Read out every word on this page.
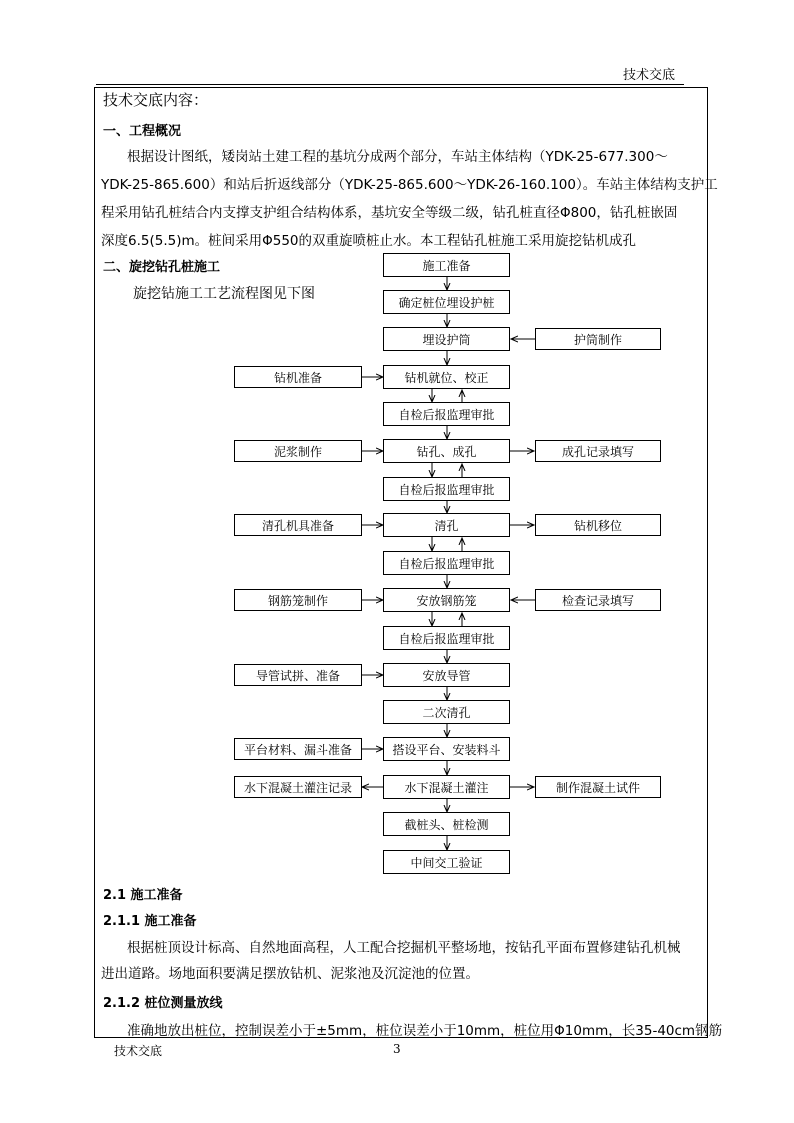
技术交底
技术交底内容：
一、工程概况
根据设计图纸，矮岗站土建工程的基坑分成两个部分，车站主体结构（YDK-25-677.300～
YDK-25-865.600）和站后折返线部分（YDK-25-865.600～YDK-26-160.100）。车站主体结构支护工
程采用钻孔桩结合内支撑支护组合结构体系，基坑安全等级二级，钻孔桩直径Φ800，钻孔桩嵌固
深度6.5(5.5)m。桩间采用Φ550的双重旋喷桩止水。本工程钻孔桩施工采用旋挖钻机成孔
二、旋挖钻孔桩施工
旋挖钻施工工艺流程图见下图
施工准备
确定桩位埋设护桩
埋设护筒
钻机就位、校正
自检后报监理审批
钻孔、成孔
自检后报监理审批
清孔
自检后报监理审批
安放钢筋笼
自检后报监理审批
安放导管
二次清孔
搭设平台、安装料斗
水下混凝土灌注
截桩头、桩检测
中间交工验证
钻机准备
泥浆制作
清孔机具准备
钢筋笼制作
导管试拼、准备
平台材料、漏斗准备
水下混凝土灌注记录
护筒制作
成孔记录填写
钻机移位
检查记录填写
制作混凝土试件
2.1 施工准备
2.1.1 施工准备
根据桩顶设计标高、自然地面高程，人工配合挖掘机平整场地，按钻孔平面布置修建钻孔机械
进出道路。场地面积要满足摆放钻机、泥浆池及沉淀池的位置。
2.1.2 桩位测量放线
准确地放出桩位，控制误差小于±5mm，桩位误差小于10mm，桩位用Φ10mm，长35-40cm钢筋
技术交底	3
